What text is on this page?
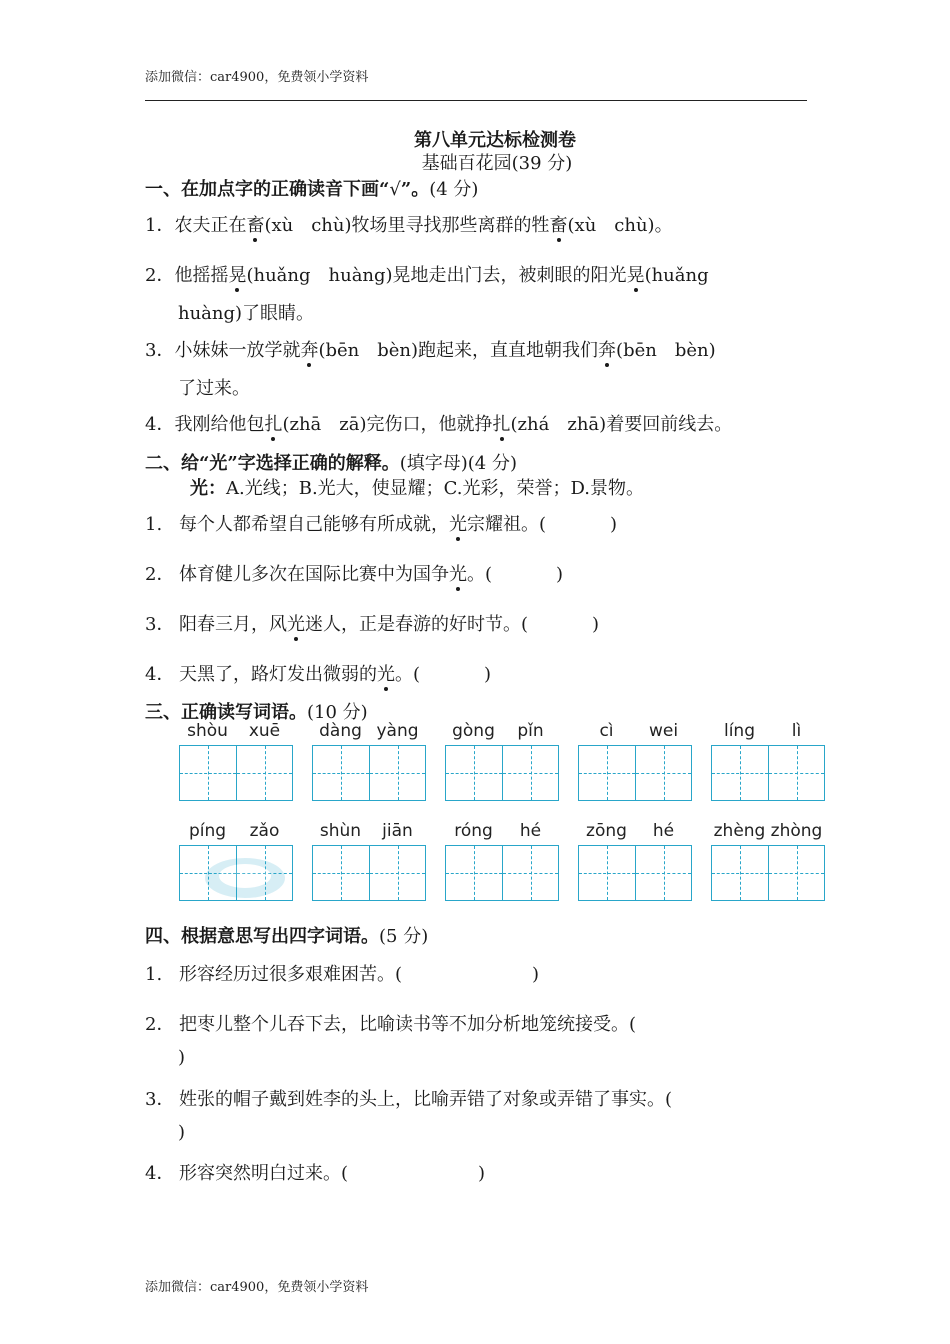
添加微信：car4900，免费领小学资料
第八单元达标检测卷
基础百花园(39 分)
一、在加点字的正确读音下画“√”。(4 分)
1．农夫正在畜(xù　chù)牧场里寻找那些离群的牲畜(xù　chù)。
2．他摇摇晃(huǎng　huàng)晃地走出门去，被刺眼的阳光晃(huǎng
huàng)了眼睛。
3．小妹妹一放学就奔(bēn　bèn)跑起来，直直地朝我们奔(bēn　bèn)
了过来。
4．我刚给他包扎(zhā　zā)完伤口，他就挣扎(zhá　zhā)着要回前线去。
二、给“光”字选择正确的解释。(填字母)(4 分)
光：A.光线；B.光大，使显耀；C.光彩，荣誉；D.景物。
1. 每个人都希望自己能够有所成就，光宗耀祖。(	)
2． 体育健儿多次在国际比赛中为国争光。(	)
3． 阳春三月，风光迷人，正是春游的好时节。(	)
4． 天黑了，路灯发出微弱的光。(	)
三、正确读写词语。(10 分)
shòu xuē	dàng yàng	gòng pǐn	cì wei	líng lì
píng zǎo	shùn jiān	róng hé	zōng hé	zhèng zhòng
四、根据意思写出四字词语。(5 分)
1. 形容经历过很多艰难困苦。(	)
2． 把枣儿整个儿吞下去，比喻读书等不加分析地笼统接受。(
)
3． 姓张的帽子戴到姓李的头上，比喻弄错了对象或弄错了事实。(
)
4． 形容突然明白过来。(	)
添加微信：car4900，免费领小学资料
